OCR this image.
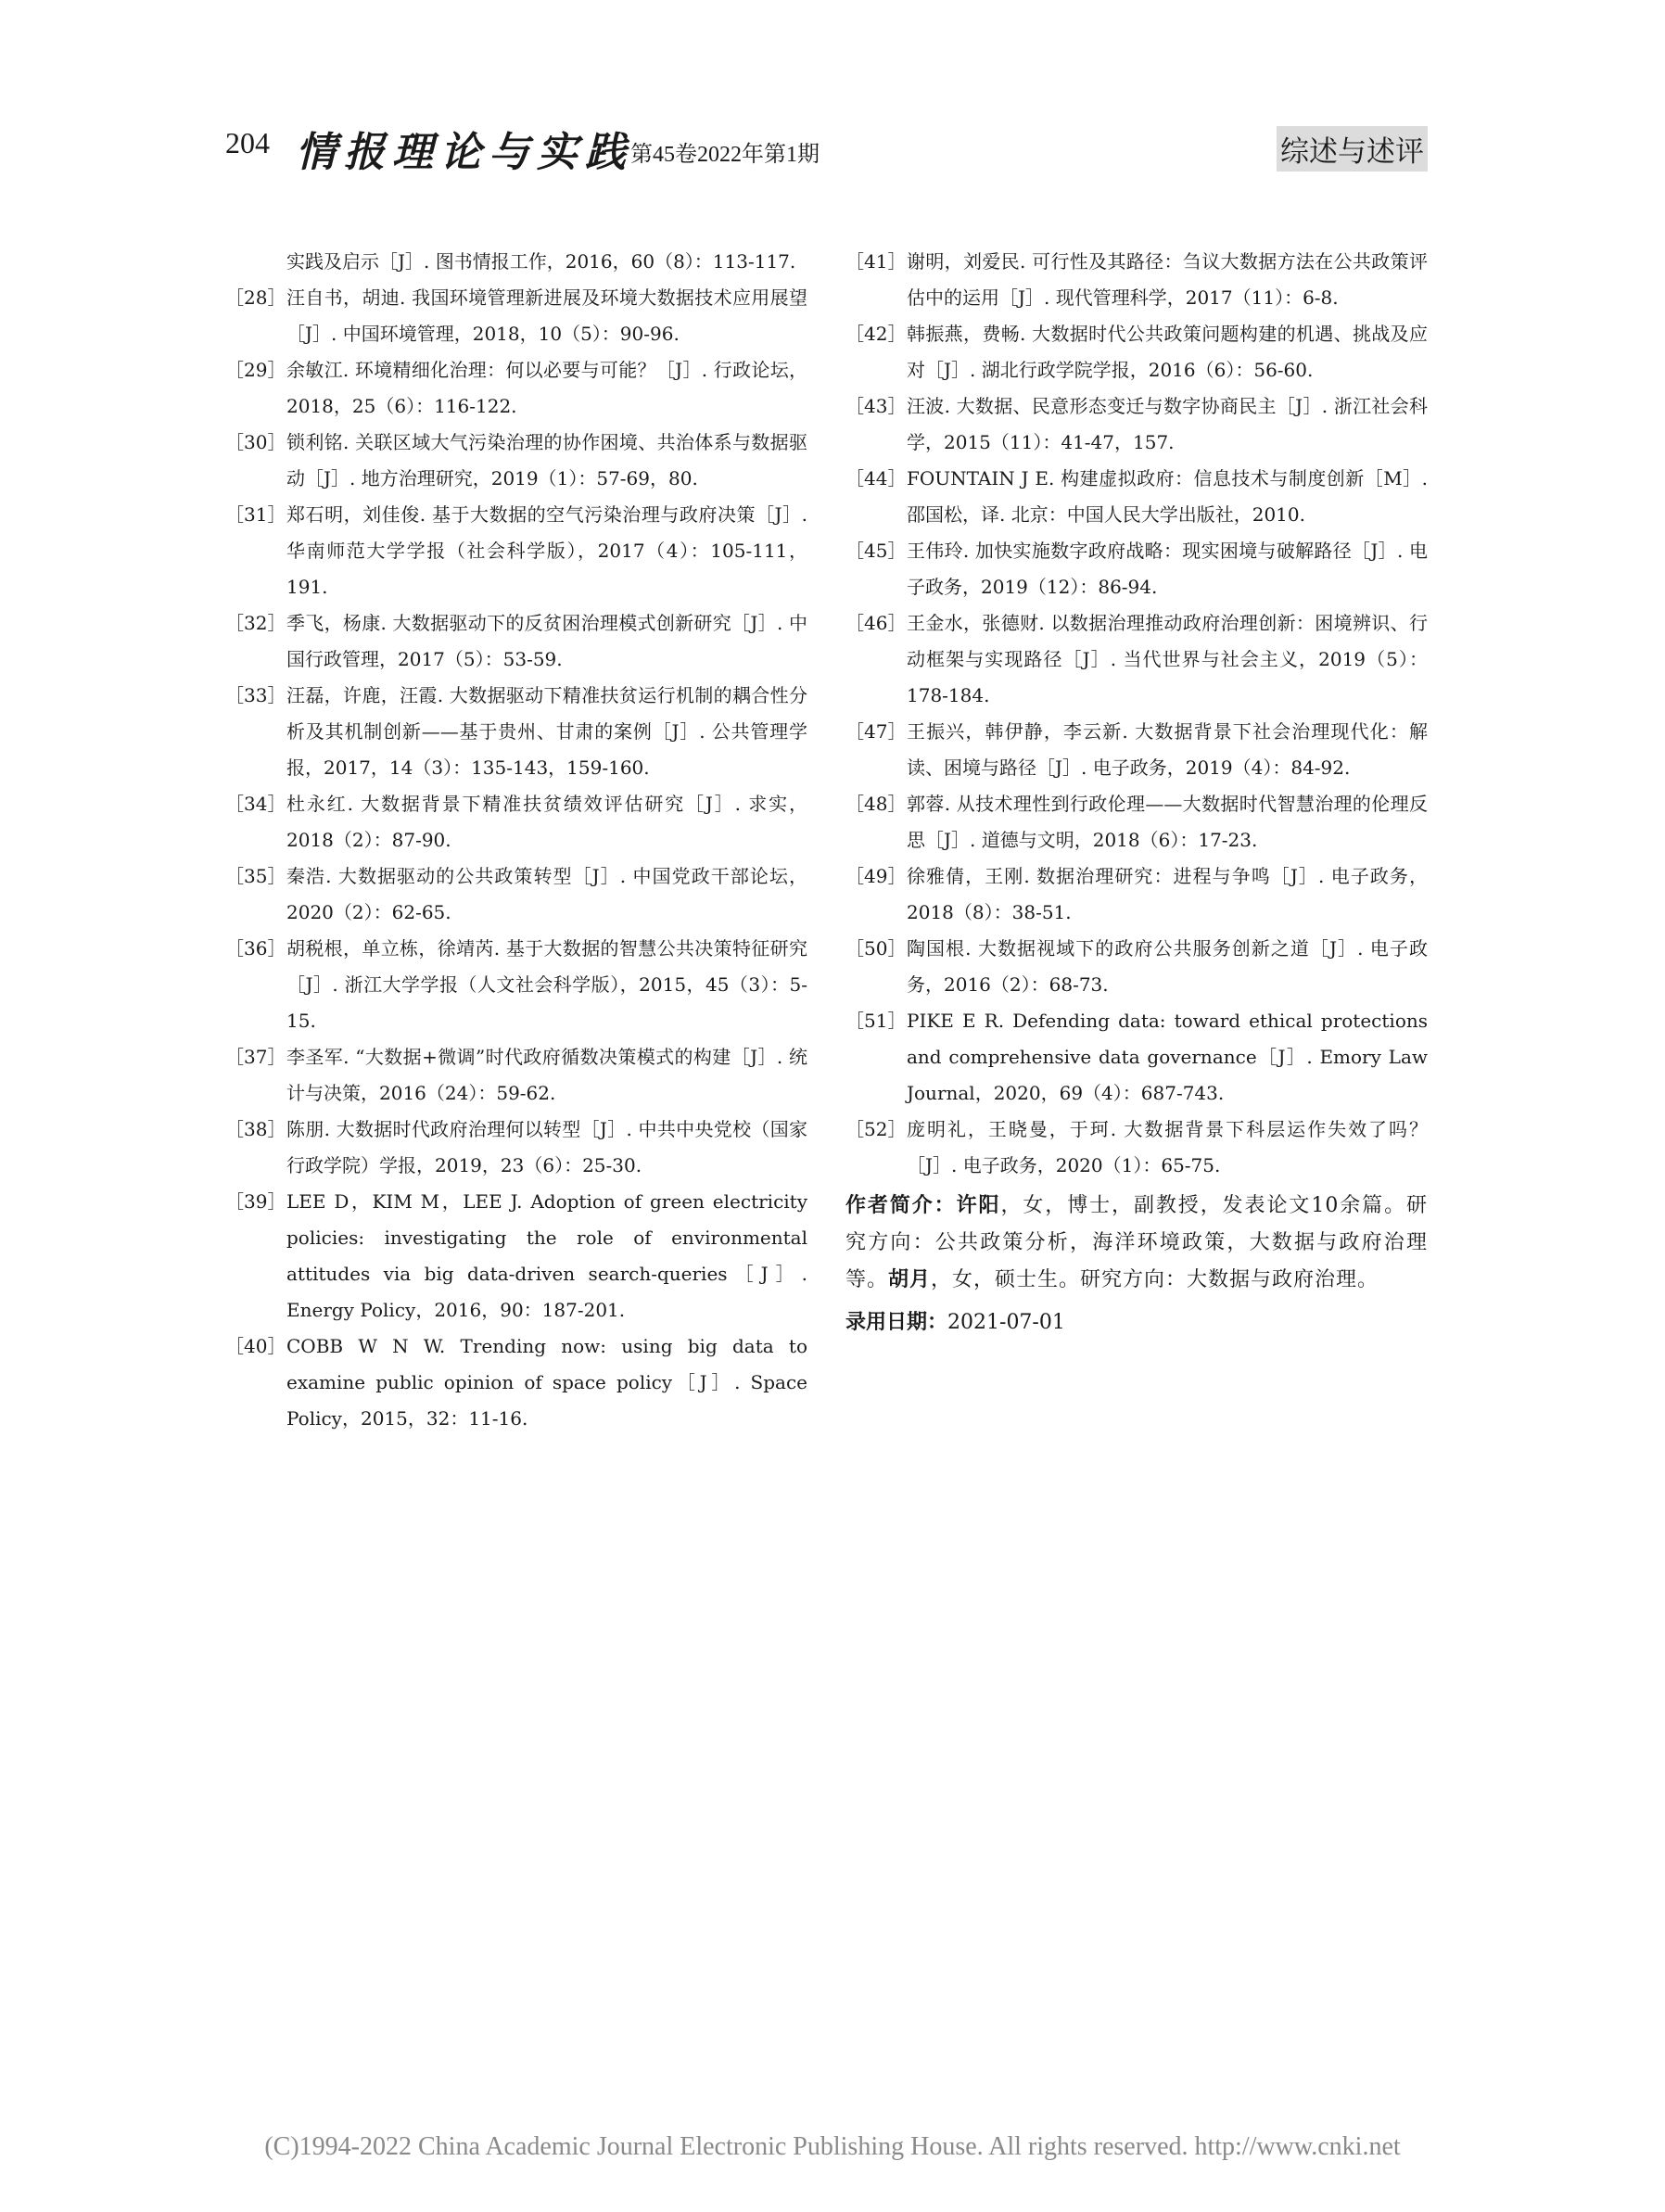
204 情报理论与实践
第45卷2022年第1期	综述与述评
实践及启示［J］. 图书情报工作，2016，60（8）：113-117.
［28］ 汪自书，胡迪. 我国环境管理新进展及环境大数据技术应用展望［J］. 中国环境管理，2018，10（5）：90-96.
［29］ 余敏江. 环境精细化治理：何以必要与可能？［J］. 行政论坛，2018，25（6）：116-122.
［30］ 锁利铭. 关联区域大气污染治理的协作困境、共治体系与数据驱动［J］. 地方治理研究，2019（1）：57-69，80.
［31］ 郑石明，刘佳俊. 基于大数据的空气污染治理与政府决策［J］. 华南师范大学学报（社会科学版），2017（4）：105-111，191.
［32］ 季飞，杨康. 大数据驱动下的反贫困治理模式创新研究［J］. 中国行政管理，2017（5）：53-59.
［33］ 汪磊，许鹿，汪霞. 大数据驱动下精准扶贫运行机制的耦合性分析及其机制创新——基于贵州、甘肃的案例［J］. 公共管理学报，2017，14（3）：135-143，159-160.
［34］ 杜永红. 大数据背景下精准扶贫绩效评估研究［J］. 求实，2018（2）：87-90.
［35］ 秦浩. 大数据驱动的公共政策转型［J］. 中国党政干部论坛，2020（2）：62-65.
［36］ 胡税根，单立栋，徐靖芮. 基于大数据的智慧公共决策特征研究［J］. 浙江大学学报（人文社会科学版），2015，45（3）：5-15.
［37］ 李圣军. “大数据+微调”时代政府循数决策模式的构建［J］. 统计与决策，2016（24）：59-62.
［38］ 陈朋. 大数据时代政府治理何以转型［J］. 中共中央党校（国家行政学院）学报，2019，23（6）：25-30.
［39］ LEE D，KIM M，LEE J. Adoption of green electricity policies: investigating the role of environmental attitudes via big data-driven search-queries［J］. Energy Policy，2016，90：187-201.
［40］ COBB W N W. Trending now: using big data to examine public opinion of space policy［J］. Space Policy，2015，32：11-16.
［41］ 谢明，刘爱民. 可行性及其路径：刍议大数据方法在公共政策评估中的运用［J］. 现代管理科学，2017（11）：6-8.
［42］ 韩振燕，费畅. 大数据时代公共政策问题构建的机遇、挑战及应对［J］. 湖北行政学院学报，2016（6）：56-60.
［43］ 汪波. 大数据、民意形态变迁与数字协商民主［J］. 浙江社会科学，2015（11）：41-47，157.
［44］ FOUNTAIN J E. 构建虚拟政府：信息技术与制度创新［M］. 邵国松，译. 北京：中国人民大学出版社，2010.
［45］ 王伟玲. 加快实施数字政府战略：现实困境与破解路径［J］. 电子政务，2019（12）：86-94.
［46］ 王金水，张德财. 以数据治理推动政府治理创新：困境辨识、行动框架与实现路径［J］. 当代世界与社会主义，2019（5）：178-184.
［47］ 王振兴，韩伊静，李云新. 大数据背景下社会治理现代化：解读、困境与路径［J］. 电子政务，2019（4）：84-92.
［48］ 郭蓉. 从技术理性到行政伦理——大数据时代智慧治理的伦理反思［J］. 道德与文明，2018（6）：17-23.
［49］ 徐雅倩，王刚. 数据治理研究：进程与争鸣［J］. 电子政务，2018（8）：38-51.
［50］ 陶国根. 大数据视域下的政府公共服务创新之道［J］. 电子政务，2016（2）：68-73.
［51］ PIKE E R. Defending data: toward ethical protections and comprehensive data governance［J］. Emory Law Journal，2020，69（4）：687-743.
［52］ 庞明礼，王晓曼，于珂. 大数据背景下科层运作失效了吗？［J］. 电子政务，2020（1）：65-75.
作者简介：许阳，女，博士，副教授，发表论文10余篇。研究方向：公共政策分析，海洋环境政策，大数据与政府治理等。胡月，女，硕士生。研究方向：大数据与政府治理。
录用日期：2021-07-01
(C)1994-2022 China Academic Journal Electronic Publishing House. All rights reserved. http://www.cnki.net
